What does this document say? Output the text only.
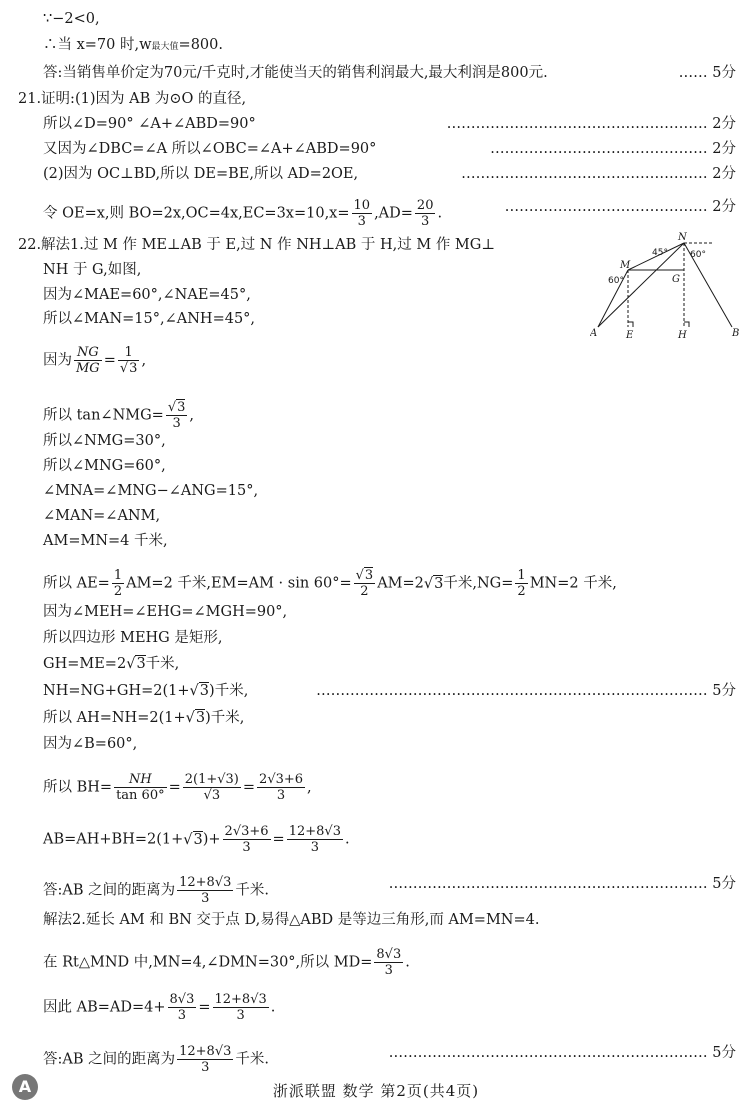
∵−2<0,
∴当 x=70 时,w最大值=800.
答:当销售单价定为70元/千克时,才能使当天的销售利润最大,最大利润是800元.	…… 5分
21.证明:(1)因为 AB 为⊙O 的直径,
所以∠D=90° ∠A+∠ABD=90°	……………………………………………… 2分
又因为∠DBC=∠A 所以∠OBC=∠A+∠ABD=90°	……………………………………… 2分
(2)因为 OC⊥BD,所以 DE=BE,所以 AD=2OE,	…………………………………………… 2分
令 OE=x,则 $BO=2x,OC=4x,EC=3x=10,x= \frac{10}{3} ,AD= \frac{20}{3}$ .	…………………………………… 2分
22.解法1.过 M 作 ME⊥AB 于 E,过 N 作 NH⊥AB 于 H,过 M 作 MG⊥
NH 于 G,如图,
因为∠MAE=60°,∠NAE=45°,
所以∠MAN=15°,∠ANH=45°,
因为 $\frac{NG}{MG} = 1$
√ 3 ,
所以 tan∠NMG=
√ $\frac{3}{3}$ ,
所以∠NMG=30°,
所以∠MNG=60°,
∠MNA=∠MNG−∠ANG=15°,
∠MAN=∠ANM,
AM=MN=4 千米,
所以 $AE= \frac{1}{2} AM=2$ 千米,EM=AM · sin 60°=
√ $\frac{3}{2} AM=2√$ 3千米$,NG= \frac{1}{2} MN=2$ 千米,
因为∠MEH=∠EHG=∠MGH=90°,
所以四边形 MEHG 是矩形,
GH=ME=2√ 3千米,
NH=NG+GH=2(1+√ 3)千米,	……………………………………………………………………… 5分
所以 AH=NH=2(1+√ 3)千米,
因为∠B=60°,
所以 $BH= \frac{NH}{\tan 60^\circ} = \frac{2(1+√3)}{√3} = \frac{2√3+6}{3}$ ,
AB=AH+BH=2(1+√ $3)+ \frac{2√3+6}{3} = \frac{12+8√3}{3}$ .
答:AB 之间的距离为 $\frac{12+8√3}{3}$ 千米.	………………………………………………………… 5分
解法2.延长 AM 和 BN 交于点 D,易得△ABD 是等边三角形,而 AM=MN=4.
在 Rt△MND 中,MN=4,∠DMN=30°,所以 $MD= \frac{8√3}{3}$ .
因此 $AB=AD=4+ \frac{8√3}{3} = \frac{12+8√3}{3}$ .
答:AB 之间的距离为 $\frac{12+8√3}{3}$ 千米.	………………………………………………………… 5分
N
M
G
A	E	H	B
45° 60°
60°
A	浙派联盟 数学 第2页(共4页)
